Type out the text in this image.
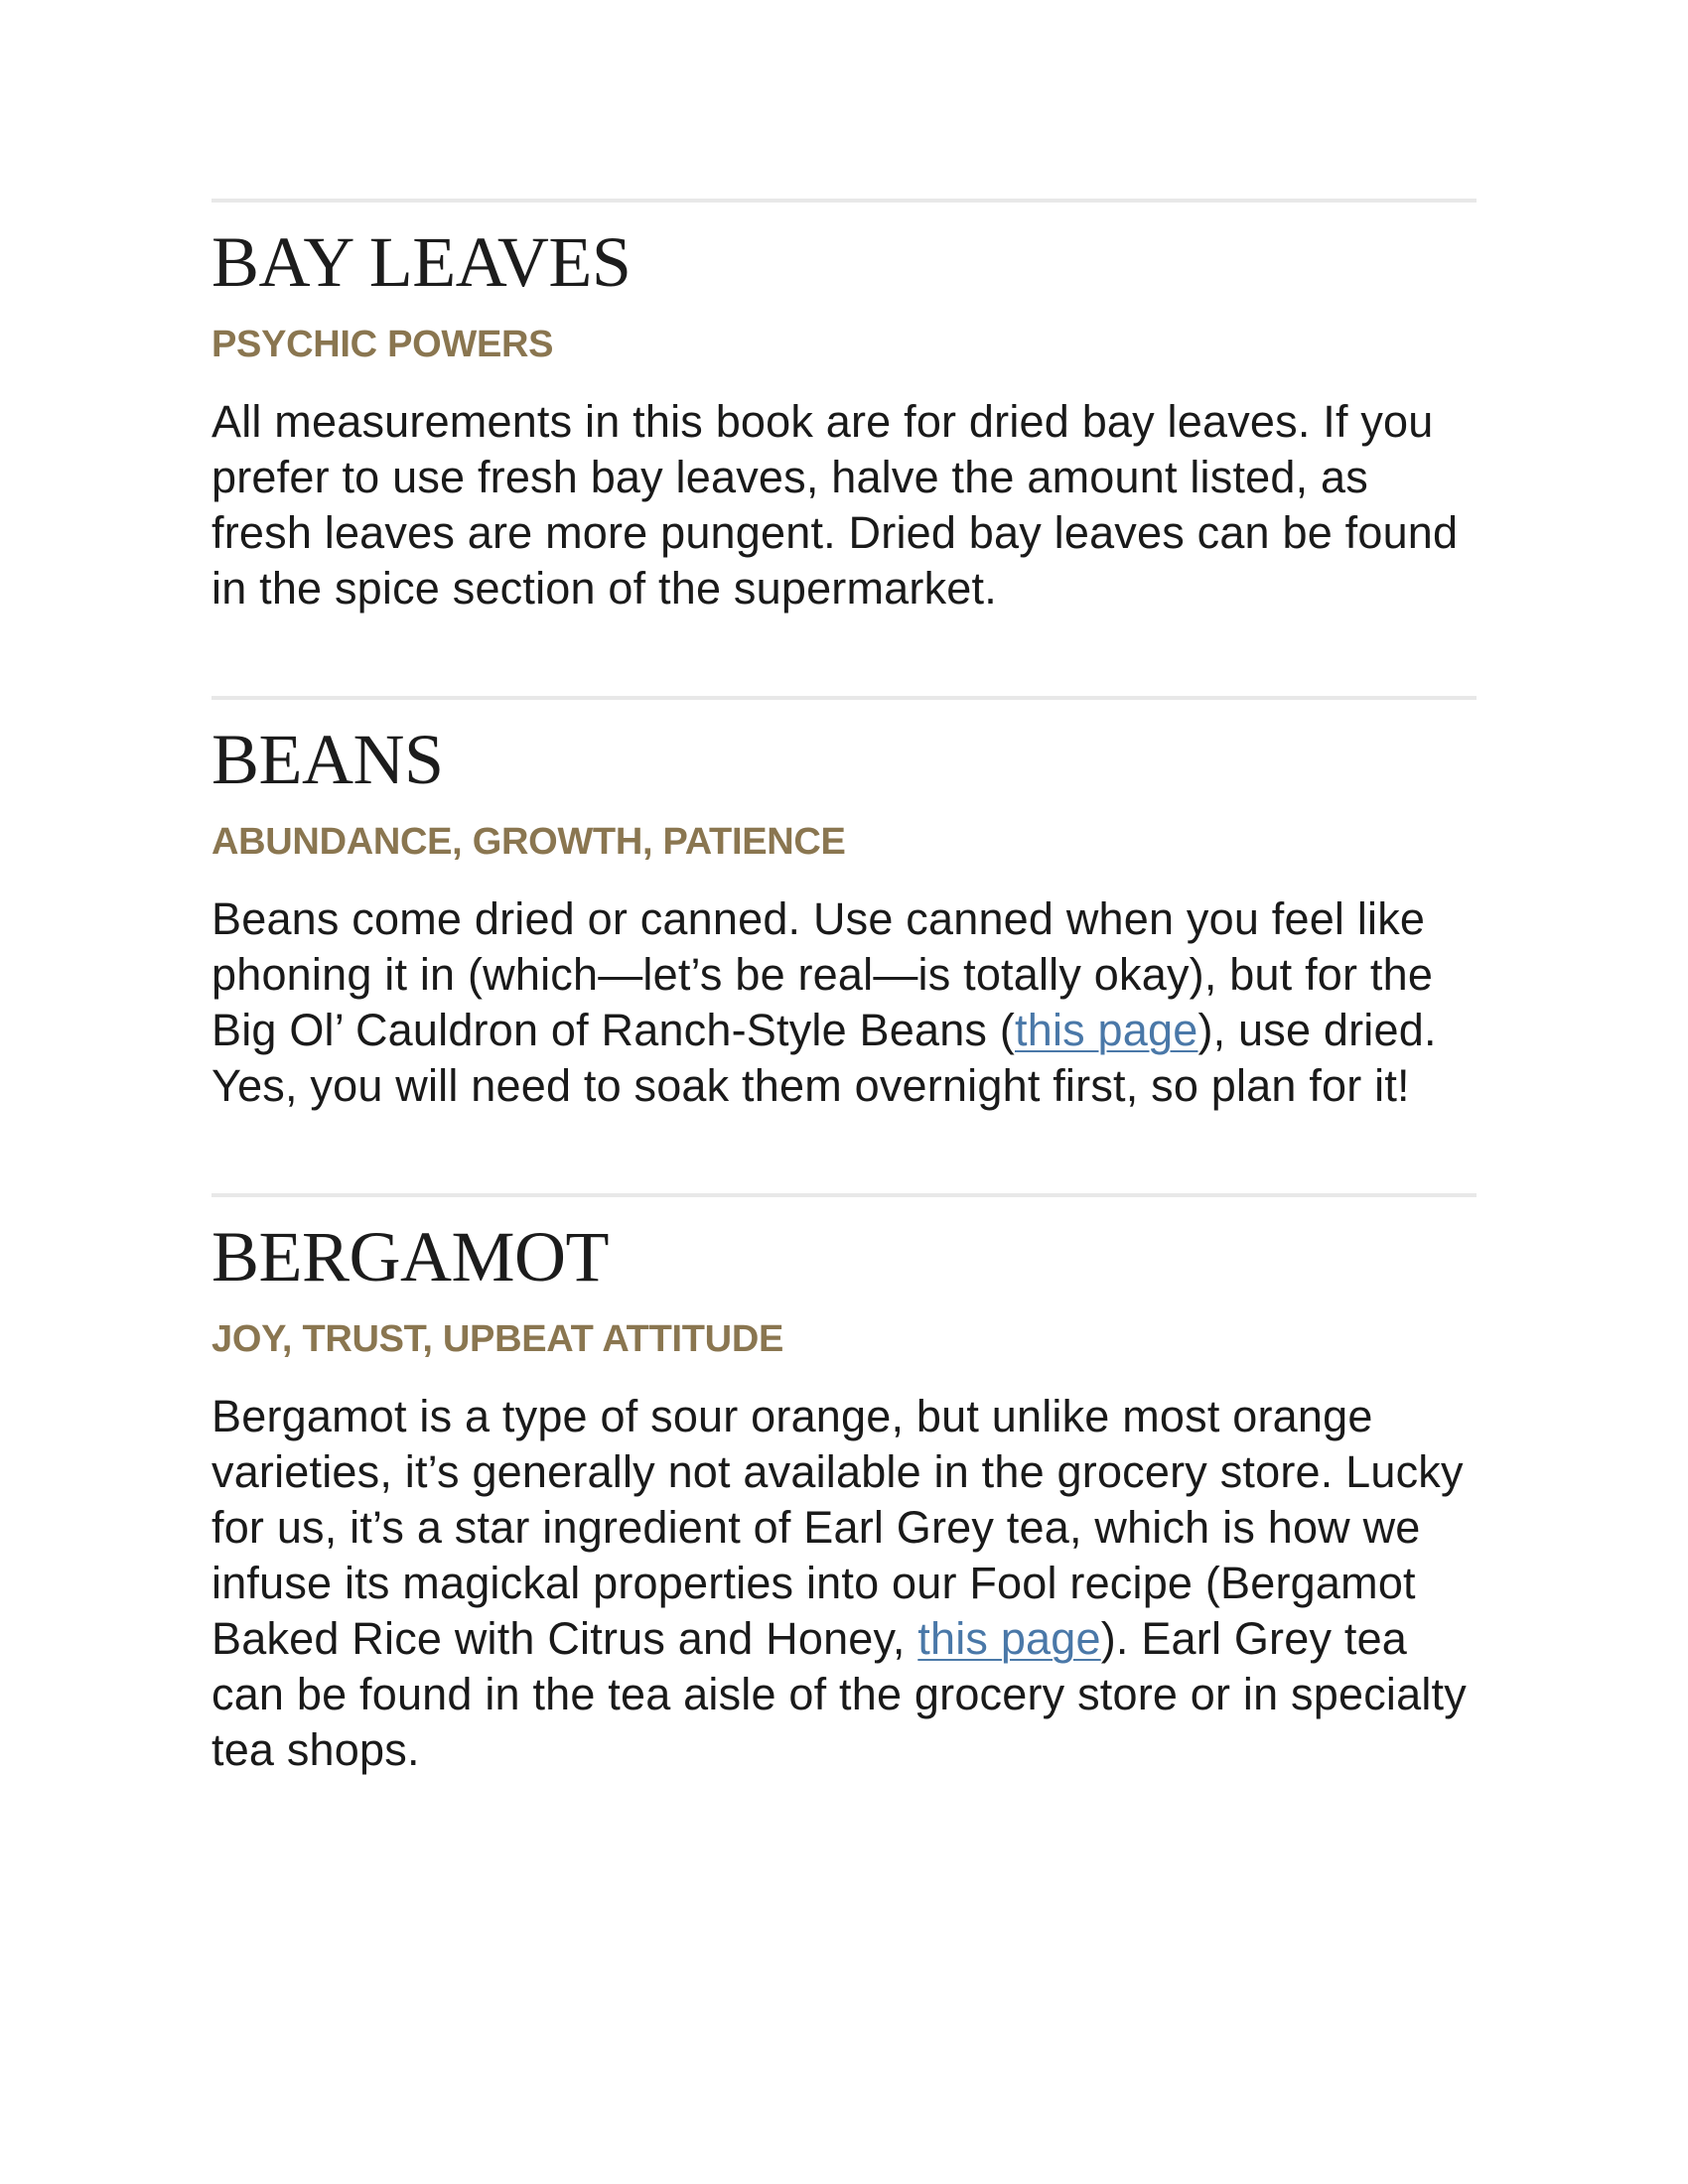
BAY LEAVES
PSYCHIC POWERS

All measurements in this book are for dried bay leaves. If you prefer to use fresh bay leaves, halve the amount listed, as fresh leaves are more pungent. Dried bay leaves can be found in the spice section of the supermarket.

BEANS
ABUNDANCE, GROWTH, PATIENCE

Beans come dried or canned. Use canned when you feel like phoning it in (which—let’s be real—is totally okay), but for the Big Ol’ Cauldron of Ranch-Style Beans (this page), use dried. Yes, you will need to soak them overnight first, so plan for it!

BERGAMOT
JOY, TRUST, UPBEAT ATTITUDE

Bergamot is a type of sour orange, but unlike most orange varieties, it’s generally not available in the grocery store. Lucky for us, it’s a star ingredient of Earl Grey tea, which is how we infuse its magickal properties into our Fool recipe (Bergamot Baked Rice with Citrus and Honey, this page). Earl Grey tea can be found in the tea aisle of the grocery store or in specialty tea shops.
